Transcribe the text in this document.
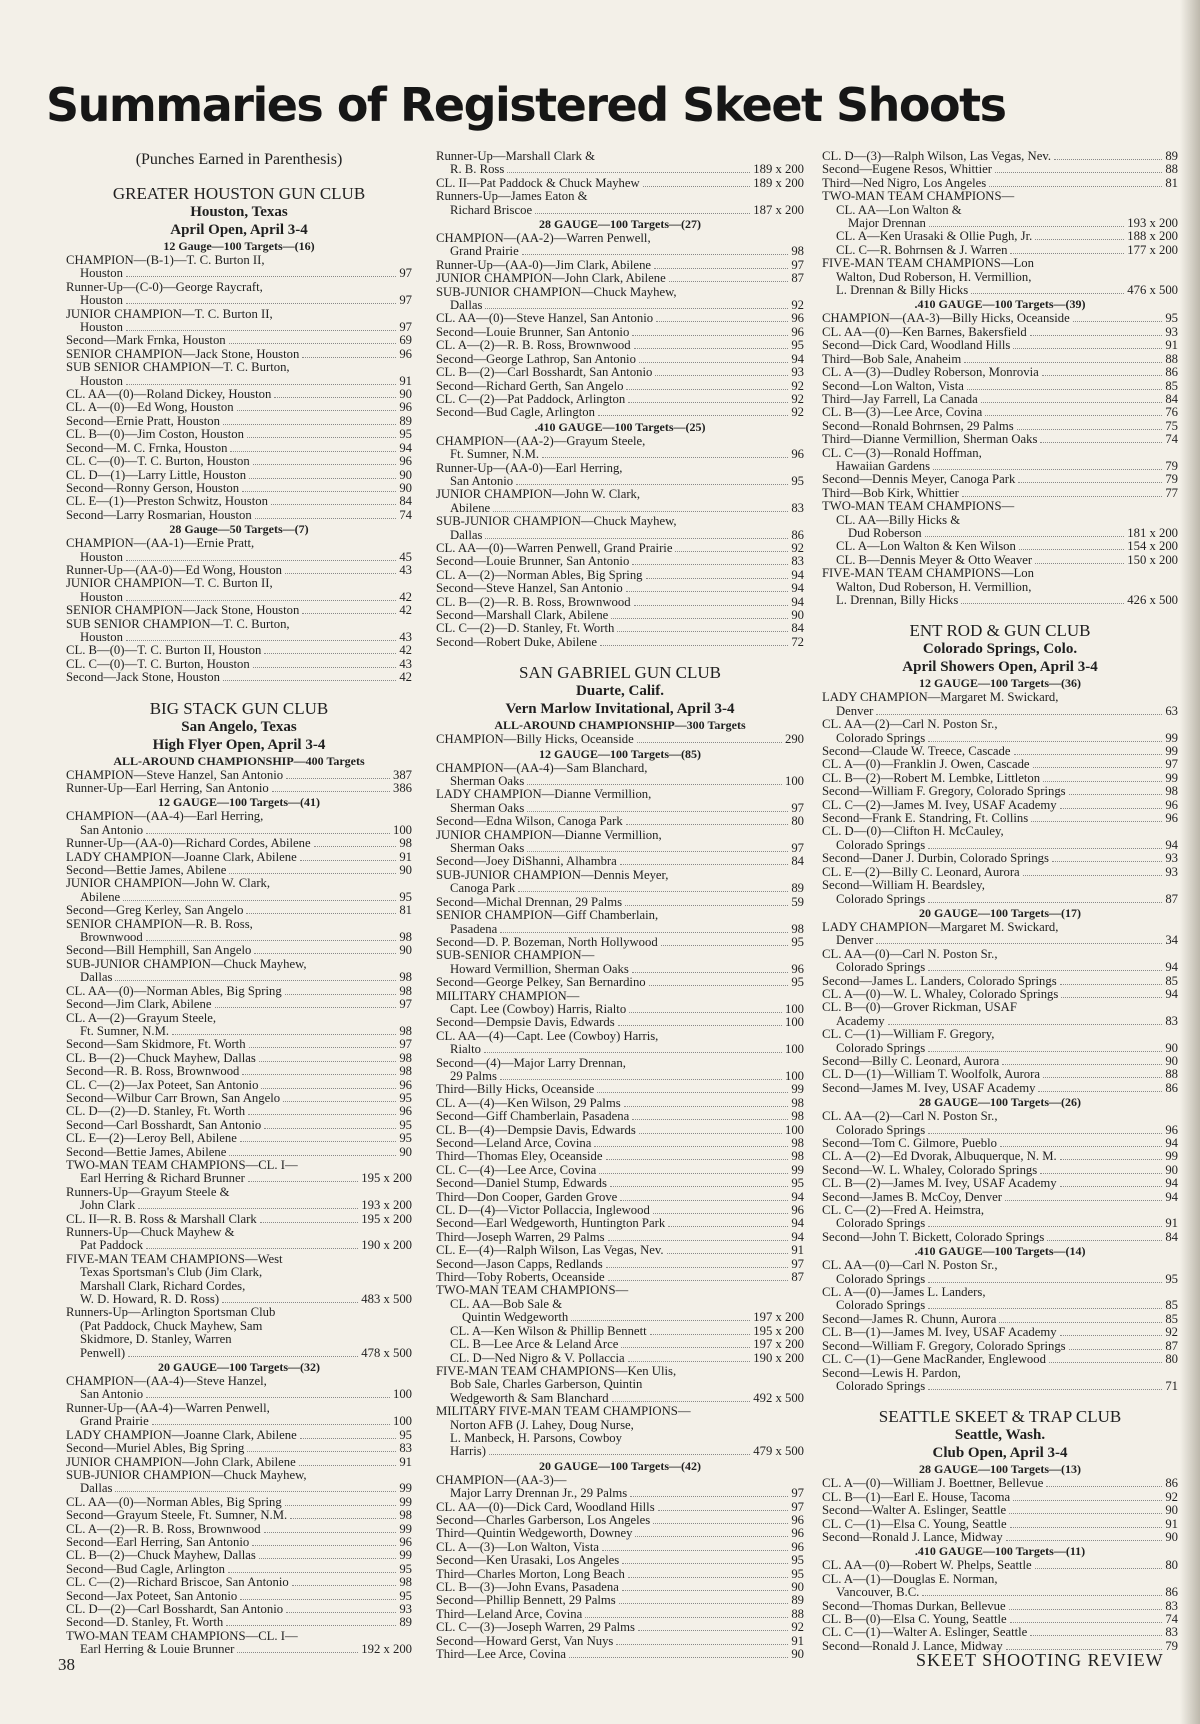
Summaries of Registered Skeet Shoots
(Punches Earned in Parenthesis)
GREATER HOUSTON GUN CLUB
Houston, Texas
April Open, April 3-4
12 Gauge—100 Targets—(16)
CHAMPION—(B-1)—T. C. Burton II,
Houston	97
Runner-Up—(C-0)—George Raycraft,
Houston	97
JUNIOR CHAMPION—T. C. Burton II,
Houston	97
Second—Mark Frnka, Houston	69
SENIOR CHAMPION—Jack Stone, Houston	96
SUB SENIOR CHAMPION—T. C. Burton,
Houston	91
CL. AA—(0)—Roland Dickey, Houston	90
CL. A—(0)—Ed Wong, Houston	96
Second—Ernie Pratt, Houston	89
CL. B—(0)—Jim Coston, Houston	95
Second—M. C. Frnka, Houston	94
CL. C—(0)—T. C. Burton, Houston	96
CL. D—(1)—Larry Little, Houston	90
Second—Ronny Gerson, Houston	90
CL. E—(1)—Preston Schwitz, Houston	84
Second—Larry Rosmarian, Houston	74
28 Gauge—50 Targets—(7)
CHAMPION—(AA-1)—Ernie Pratt,
Houston	45
Runner-Up—(AA-0)—Ed Wong, Houston	43
JUNIOR CHAMPION—T. C. Burton II,
Houston	42
SENIOR CHAMPION—Jack Stone, Houston	42
SUB SENIOR CHAMPION—T. C. Burton,
Houston	43
CL. B—(0)—T. C. Burton II, Houston	42
CL. C—(0)—T. C. Burton, Houston	43
Second—Jack Stone, Houston	42
BIG STACK GUN CLUB
San Angelo, Texas
High Flyer Open, April 3-4
ALL-AROUND CHAMPIONSHIP—400 Targets
CHAMPION—Steve Hanzel, San Antonio	387
Runner-Up—Earl Herring, San Antonio	386
12 GAUGE—100 Targets—(41)
CHAMPION—(AA-4)—Earl Herring,
San Antonio	100
Runner-Up—(AA-0)—Richard Cordes, Abilene	98
LADY CHAMPION—Joanne Clark, Abilene	91
Second—Bettie James, Abilene	90
JUNIOR CHAMPION—John W. Clark,
Abilene	95
Second—Greg Kerley, San Angelo	81
SENIOR CHAMPION—R. B. Ross,
Brownwood	98
Second—Bill Hemphill, San Angelo	90
SUB-JUNIOR CHAMPION—Chuck Mayhew,
Dallas	98
CL. AA—(0)—Norman Ables, Big Spring	98
Second—Jim Clark, Abilene	97
CL. A—(2)—Grayum Steele,
Ft. Sumner, N.M.	98
Second—Sam Skidmore, Ft. Worth	97
CL. B—(2)—Chuck Mayhew, Dallas	98
Second—R. B. Ross, Brownwood	98
CL. C—(2)—Jax Poteet, San Antonio	96
Second—Wilbur Carr Brown, San Angelo	95
CL. D—(2)—D. Stanley, Ft. Worth	96
Second—Carl Bosshardt, San Antonio	95
CL. E—(2)—Leroy Bell, Abilene	95
Second—Bettie James, Abilene	90
TWO-MAN TEAM CHAMPIONS—CL. I—
Earl Herring & Richard Brunner	195 x 200
Runners-Up—Grayum Steele &
John Clark	193 x 200
CL. II—R. B. Ross & Marshall Clark	195 x 200
Runners-Up—Chuck Mayhew &
Pat Paddock	190 x 200
FIVE-MAN TEAM CHAMPIONS—West
Texas Sportsman's Club (Jim Clark,
Marshall Clark, Richard Cordes,
W. D. Howard, R. D. Ross)	483 x 500
Runners-Up—Arlington Sportsman Club
(Pat Paddock, Chuck Mayhew, Sam
Skidmore, D. Stanley, Warren
Penwell)	478 x 500
20 GAUGE—100 Targets—(32)
CHAMPION—(AA-4)—Steve Hanzel,
San Antonio	100
Runner-Up—(AA-4)—Warren Penwell,
Grand Prairie	100
LADY CHAMPION—Joanne Clark, Abilene	95
Second—Muriel Ables, Big Spring	83
JUNIOR CHAMPION—John Clark, Abilene	91
SUB-JUNIOR CHAMPION—Chuck Mayhew,
Dallas	99
CL. AA—(0)—Norman Ables, Big Spring	99
Second—Grayum Steele, Ft. Sumner, N.M.	98
CL. A—(2)—R. B. Ross, Brownwood	99
Second—Earl Herring, San Antonio	96
CL. B—(2)—Chuck Mayhew, Dallas	99
Second—Bud Cagle, Arlington	95
CL. C—(2)—Richard Briscoe, San Antonio	98
Second—Jax Poteet, San Antonio	95
CL. D—(2)—Carl Bosshardt, San Antonio	93
Second—D. Stanley, Ft. Worth	89
TWO-MAN TEAM CHAMPIONS—CL. I—
Earl Herring & Louie Brunner	192 x 200
Runner-Up—Marshall Clark &
R. B. Ross	189 x 200
CL. II—Pat Paddock & Chuck Mayhew	189 x 200
Runners-Up—James Eaton &
Richard Briscoe	187 x 200
28 GAUGE—100 Targets—(27)
CHAMPION—(AA-2)—Warren Penwell,
Grand Prairie	98
Runner-Up—(AA-0)—Jim Clark, Abilene	97
JUNIOR CHAMPION—John Clark, Abilene	87
SUB-JUNIOR CHAMPION—Chuck Mayhew,
Dallas	92
CL. AA—(0)—Steve Hanzel, San Antonio	96
Second—Louie Brunner, San Antonio	96
CL. A—(2)—R. B. Ross, Brownwood	95
Second—George Lathrop, San Antonio	94
CL. B—(2)—Carl Bosshardt, San Antonio	93
Second—Richard Gerth, San Angelo	92
CL. C—(2)—Pat Paddock, Arlington	92
Second—Bud Cagle, Arlington	92
.410 GAUGE—100 Targets—(25)
CHAMPION—(AA-2)—Grayum Steele,
Ft. Sumner, N.M.	96
Runner-Up—(AA-0)—Earl Herring,
San Antonio	95
JUNIOR CHAMPION—John W. Clark,
Abilene	83
SUB-JUNIOR CHAMPION—Chuck Mayhew,
Dallas	86
CL. AA—(0)—Warren Penwell, Grand Prairie	92
Second—Louie Brunner, San Antonio	83
CL. A—(2)—Norman Ables, Big Spring	94
Second—Steve Hanzel, San Antonio	94
CL. B—(2)—R. B. Ross, Brownwood	94
Second—Marshall Clark, Abilene	90
CL. C—(2)—D. Stanley, Ft. Worth	84
Second—Robert Duke, Abilene	72
SAN GABRIEL GUN CLUB
Duarte, Calif.
Vern Marlow Invitational, April 3-4
ALL-AROUND CHAMPIONSHIP—300 Targets
CHAMPION—Billy Hicks, Oceanside	290
12 GAUGE—100 Targets—(85)
CHAMPION—(AA-4)—Sam Blanchard,
Sherman Oaks	100
LADY CHAMPION—Dianne Vermillion,
Sherman Oaks	97
Second—Edna Wilson, Canoga Park	80
JUNIOR CHAMPION—Dianne Vermillion,
Sherman Oaks	97
Second—Joey DiShanni, Alhambra	84
SUB-JUNIOR CHAMPION—Dennis Meyer,
Canoga Park	89
Second—Michal Drennan, 29 Palms	59
SENIOR CHAMPION—Giff Chamberlain,
Pasadena	98
Second—D. P. Bozeman, North Hollywood	95
SUB-SENIOR CHAMPION—
Howard Vermillion, Sherman Oaks	96
Second—George Pelkey, San Bernardino	95
MILITARY CHAMPION—
Capt. Lee (Cowboy) Harris, Rialto	100
Second—Dempsie Davis, Edwards	100
CL. AA—(4)—Capt. Lee (Cowboy) Harris,
Rialto	100
Second—(4)—Major Larry Drennan,
29 Palms	100
Third—Billy Hicks, Oceanside	99
CL. A—(4)—Ken Wilson, 29 Palms	98
Second—Giff Chamberlain, Pasadena	98
CL. B—(4)—Dempsie Davis, Edwards	100
Second—Leland Arce, Covina	98
Third—Thomas Eley, Oceanside	98
CL. C—(4)—Lee Arce, Covina	99
Second—Daniel Stump, Edwards	95
Third—Don Cooper, Garden Grove	94
CL. D—(4)—Victor Pollaccia, Inglewood	96
Second—Earl Wedgeworth, Huntington Park	94
Third—Joseph Warren, 29 Palms	94
CL. E—(4)—Ralph Wilson, Las Vegas, Nev.	91
Second—Jason Capps, Redlands	97
Third—Toby Roberts, Oceanside	87
TWO-MAN TEAM CHAMPIONS—
CL. AA—Bob Sale &
Quintin Wedgeworth	197 x 200
CL. A—Ken Wilson & Phillip Bennett	195 x 200
CL. B—Lee Arce & Leland Arce	197 x 200
CL. D—Ned Nigro & V. Pollaccia	190 x 200
FIVE-MAN TEAM CHAMPIONS—Ken Ulis,
Bob Sale, Charles Garberson, Quintin
Wedgeworth & Sam Blanchard	492 x 500
MILITARY FIVE-MAN TEAM CHAMPIONS—
Norton AFB (J. Lahey, Doug Nurse,
L. Manbeck, H. Parsons, Cowboy
Harris)	479 x 500
20 GAUGE—100 Targets—(42)
CHAMPION—(AA-3)—
Major Larry Drennan Jr., 29 Palms	97
CL. AA—(0)—Dick Card, Woodland Hills	97
Second—Charles Garberson, Los Angeles	96
Third—Quintin Wedgeworth, Downey	96
CL. A—(3)—Lon Walton, Vista	96
Second—Ken Urasaki, Los Angeles	95
Third—Charles Morton, Long Beach	95
CL. B—(3)—John Evans, Pasadena	90
Second—Phillip Bennett, 29 Palms	89
Third—Leland Arce, Covina	88
CL. C—(3)—Joseph Warren, 29 Palms	92
Second—Howard Gerst, Van Nuys	91
Third—Lee Arce, Covina	90
CL. D—(3)—Ralph Wilson, Las Vegas, Nev.	89
Second—Eugene Resos, Whittier	88
Third—Ned Nigro, Los Angeles	81
TWO-MAN TEAM CHAMPIONS—
CL. AA—Lon Walton &
Major Drennan	193 x 200
CL. A—Ken Urasaki & Ollie Pugh, Jr.	188 x 200
CL. C—R. Bohrnsen & J. Warren	177 x 200
FIVE-MAN TEAM CHAMPIONS—Lon
Walton, Dud Roberson, H. Vermillion,
L. Drennan & Billy Hicks	476 x 500
.410 GAUGE—100 Targets—(39)
CHAMPION—(AA-3)—Billy Hicks, Oceanside	95
CL. AA—(0)—Ken Barnes, Bakersfield	93
Second—Dick Card, Woodland Hills	91
Third—Bob Sale, Anaheim	88
CL. A—(3)—Dudley Roberson, Monrovia	86
Second—Lon Walton, Vista	85
Third—Jay Farrell, La Canada	84
CL. B—(3)—Lee Arce, Covina	76
Second—Ronald Bohrnsen, 29 Palms	75
Third—Dianne Vermillion, Sherman Oaks	74
CL. C—(3)—Ronald Hoffman,
Hawaiian Gardens	79
Second—Dennis Meyer, Canoga Park	79
Third—Bob Kirk, Whittier	77
TWO-MAN TEAM CHAMPIONS—
CL. AA—Billy Hicks &
Dud Roberson	181 x 200
CL. A—Lon Walton & Ken Wilson	154 x 200
CL. B—Dennis Meyer & Otto Weaver	150 x 200
FIVE-MAN TEAM CHAMPIONS—Lon
Walton, Dud Roberson, H. Vermillion,
L. Drennan, Billy Hicks	426 x 500
ENT ROD & GUN CLUB
Colorado Springs, Colo.
April Showers Open, April 3-4
12 GAUGE—100 Targets—(36)
LADY CHAMPION—Margaret M. Swickard,
Denver	63
CL. AA—(2)—Carl N. Poston Sr.,
Colorado Springs	99
Second—Claude W. Treece, Cascade	99
CL. A—(0)—Franklin J. Owen, Cascade	97
CL. B—(2)—Robert M. Lembke, Littleton	99
Second—William F. Gregory, Colorado Springs	98
CL. C—(2)—James M. Ivey, USAF Academy	96
Second—Frank E. Standring, Ft. Collins	96
CL. D—(0)—Clifton H. McCauley,
Colorado Springs	94
Second—Daner J. Durbin, Colorado Springs	93
CL. E—(2)—Billy C. Leonard, Aurora	93
Second—William H. Beardsley,
Colorado Springs	87
20 GAUGE—100 Targets—(17)
LADY CHAMPION—Margaret M. Swickard,
Denver	34
CL. AA—(0)—Carl N. Poston Sr.,
Colorado Springs	94
Second—James L. Landers, Colorado Springs	85
CL. A—(0)—W. L. Whaley, Colorado Springs	94
CL. B—(0)—Grover Rickman, USAF
Academy	83
CL. C—(1)—William F. Gregory,
Colorado Springs	90
Second—Billy C. Leonard, Aurora	90
CL. D—(1)—William T. Woolfolk, Aurora	88
Second—James M. Ivey, USAF Academy	86
28 GAUGE—100 Targets—(26)
CL. AA—(2)—Carl N. Poston Sr.,
Colorado Springs	96
Second—Tom C. Gilmore, Pueblo	94
CL. A—(2)—Ed Dvorak, Albuquerque, N. M.	99
Second—W. L. Whaley, Colorado Springs	90
CL. B—(2)—James M. Ivey, USAF Academy	94
Second—James B. McCoy, Denver	94
CL. C—(2)—Fred A. Heimstra,
Colorado Springs	91
Second—John T. Bickett, Colorado Springs	84
.410 GAUGE—100 Targets—(14)
CL. AA—(0)—Carl N. Poston Sr.,
Colorado Springs	95
CL. A—(0)—James L. Landers,
Colorado Springs	85
Second—James R. Chunn, Aurora	85
CL. B—(1)—James M. Ivey, USAF Academy	92
Second—William F. Gregory, Colorado Springs	87
CL. C—(1)—Gene MacRander, Englewood	80
Second—Lewis H. Pardon,
Colorado Springs	71
SEATTLE SKEET & TRAP CLUB
Seattle, Wash.
Club Open, April 3-4
28 GAUGE—100 Targets—(13)
CL. A—(0)—William J. Boettner, Bellevue	86
CL. B—(1)—Earl E. House, Tacoma	92
Second—Walter A. Eslinger, Seattle	90
CL. C—(1)—Elsa C. Young, Seattle	91
Second—Ronald J. Lance, Midway	90
.410 GAUGE—100 Targets—(11)
CL. AA—(0)—Robert W. Phelps, Seattle	80
CL. A—(1)—Douglas E. Norman,
Vancouver, B.C.	86
Second—Thomas Durkan, Bellevue	83
CL. B—(0)—Elsa C. Young, Seattle	74
CL. C—(1)—Walter A. Eslinger, Seattle	83
Second—Ronald J. Lance, Midway	79
38	SKEET SHOOTING REVIEW
